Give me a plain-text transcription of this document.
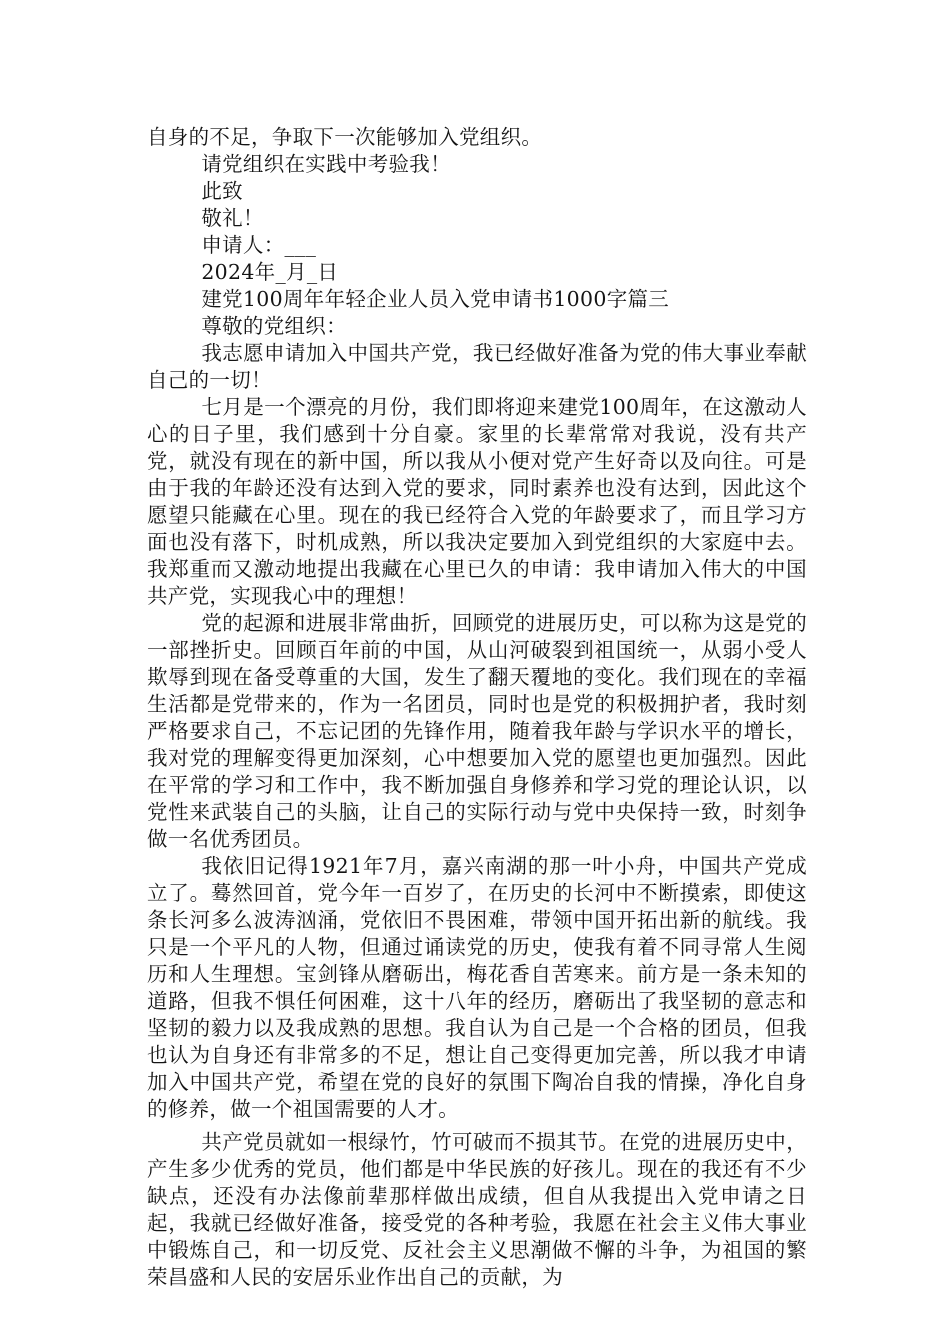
自身的不足，争取下一次能够加入党组织。

请党组织在实践中考验我！

此致

敬礼！

申请人：___

2024年_月_日

建党100周年年轻企业人员入党申请书1000字篇三

尊敬的党组织：

我志愿申请加入中国共产党，我已经做好准备为党的伟大事业奉献自己的一切！

七月是一个漂亮的月份，我们即将迎来建党100周年，在这激动人心的日子里，我们感到十分自豪。家里的长辈常常对我说，没有共产党，就没有现在的新中国，所以我从小便对党产生好奇以及向往。可是由于我的年龄还没有达到入党的要求，同时素养也没有达到，因此这个愿望只能藏在心里。现在的我已经符合入党的年龄要求了，而且学习方面也没有落下，时机成熟，所以我决定要加入到党组织的大家庭中去。我郑重而又激动地提出我藏在心里已久的申请：我申请加入伟大的中国共产党，实现我心中的理想！

党的起源和进展非常曲折，回顾党的进展历史，可以称为这是党的一部挫折史。回顾百年前的中国，从山河破裂到祖国统一，从弱小受人欺辱到现在备受尊重的大国，发生了翻天覆地的变化。我们现在的幸福生活都是党带来的，作为一名团员，同时也是党的积极拥护者，我时刻严格要求自己，不忘记团的先锋作用，随着我年龄与学识水平的增长，我对党的理解变得更加深刻，心中想要加入党的愿望也更加强烈。因此在平常的学习和工作中，我不断加强自身修养和学习党的理论认识，以党性来武装自己的头脑，让自己的实际行动与党中央保持一致，时刻争做一名优秀团员。

我依旧记得1921年7月，嘉兴南湖的那一叶小舟，中国共产党成立了。蓦然回首，党今年一百岁了，在历史的长河中不断摸索，即使这条长河多么波涛汹涌，党依旧不畏困难，带领中国开拓出新的航线。我只是一个平凡的人物，但通过诵读党的历史，使我有着不同寻常人生阅历和人生理想。宝剑锋从磨砺出，梅花香自苦寒来。前方是一条未知的道路，但我不惧任何困难，这十八年的经历，磨砺出了我坚韧的意志和坚韧的毅力以及我成熟的思想。我自认为自己是一个合格的团员，但我也认为自身还有非常多的不足，想让自己变得更加完善，所以我才申请加入中国共产党，希望在党的良好的氛围下陶冶自我的情操，净化自身的修养，做一个祖国需要的人才。

共产党员就如一根绿竹，竹可破而不损其节。在党的进展历史中，产生多少优秀的党员，他们都是中华民族的好孩儿。现在的我还有不少缺点，还没有办法像前辈那样做出成绩，但自从我提出入党申请之日起，我就已经做好准备，接受党的各种考验，我愿在社会主义伟大事业中锻炼自己，和一切反党、反社会主义思潮做不懈的斗争，为祖国的繁荣昌盛和人民的安居乐业作出自己的贡献，为
